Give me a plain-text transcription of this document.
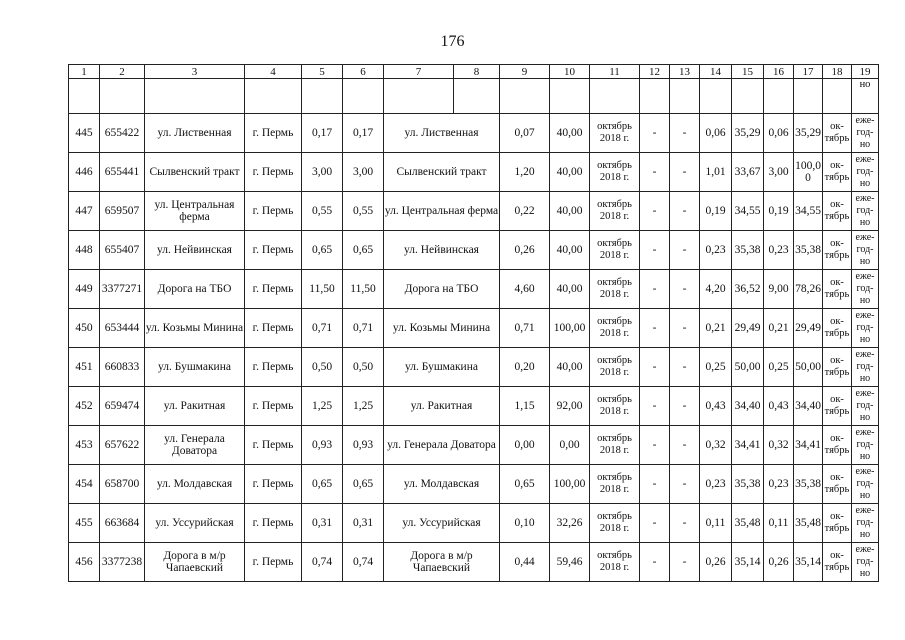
176
1	2	3	4	5	6	7	8	9	10	11	12	13	14	15	16	17	18	19
																		но
445	655422	ул. Лиственная	г. Пермь	0,17	0,17	ул. Лиственная		0,07	40,00	октябрь 2018 г.	-	-	0,06	35,29	0,06	35,29	ок-тябрь	еже-год-но
446	655441	Сылвенский тракт	г. Пермь	3,00	3,00	Сылвенский тракт		1,20	40,00	октябрь 2018 г.	-	-	1,01	33,67	3,00	100,0 0	ок-тябрь	еже-год-но
447	659507	ул. Центральная ферма	г. Пермь	0,55	0,55	ул. Центральная ферма		0,22	40,00	октябрь 2018 г.	-	-	0,19	34,55	0,19	34,55	ок-тябрь	еже-год-но
448	655407	ул. Нейвинская	г. Пермь	0,65	0,65	ул. Нейвинская		0,26	40,00	октябрь 2018 г.	-	-	0,23	35,38	0,23	35,38	ок-тябрь	еже-год-но
449	3377271	Дорога на ТБО	г. Пермь	11,50	11,50	Дорога на ТБО		4,60	40,00	октябрь 2018 г.	-	-	4,20	36,52	9,00	78,26	ок-тябрь	еже-год-но
450	653444	ул. Козьмы Минина	г. Пермь	0,71	0,71	ул. Козьмы Минина		0,71	100,00	октябрь 2018 г.	-	-	0,21	29,49	0,21	29,49	ок-тябрь	еже-год-но
451	660833	ул. Бушмакина	г. Пермь	0,50	0,50	ул. Бушмакина		0,20	40,00	октябрь 2018 г.	-	-	0,25	50,00	0,25	50,00	ок-тябрь	еже-год-но
452	659474	ул. Ракитная	г. Пермь	1,25	1,25	ул. Ракитная		1,15	92,00	октябрь 2018 г.	-	-	0,43	34,40	0,43	34,40	ок-тябрь	еже-год-но
453	657622	ул. Генерала Доватора	г. Пермь	0,93	0,93	ул. Генерала Доватора		0,00	0,00	октябрь 2018 г.	-	-	0,32	34,41	0,32	34,41	ок-тябрь	еже-год-но
454	658700	ул. Молдавская	г. Пермь	0,65	0,65	ул. Молдавская		0,65	100,00	октябрь 2018 г.	-	-	0,23	35,38	0,23	35,38	ок-тябрь	еже-год-но
455	663684	ул. Уссурийская	г. Пермь	0,31	0,31	ул. Уссурийская		0,10	32,26	октябрь 2018 г.	-	-	0,11	35,48	0,11	35,48	ок-тябрь	еже-год-но
456	3377238	Дорога в м/р Чапаевский	г. Пермь	0,74	0,74	Дорога в м/р Чапаевский		0,44	59,46	октябрь 2018 г.	-	-	0,26	35,14	0,26	35,14	ок-тябрь	еже-год-но
